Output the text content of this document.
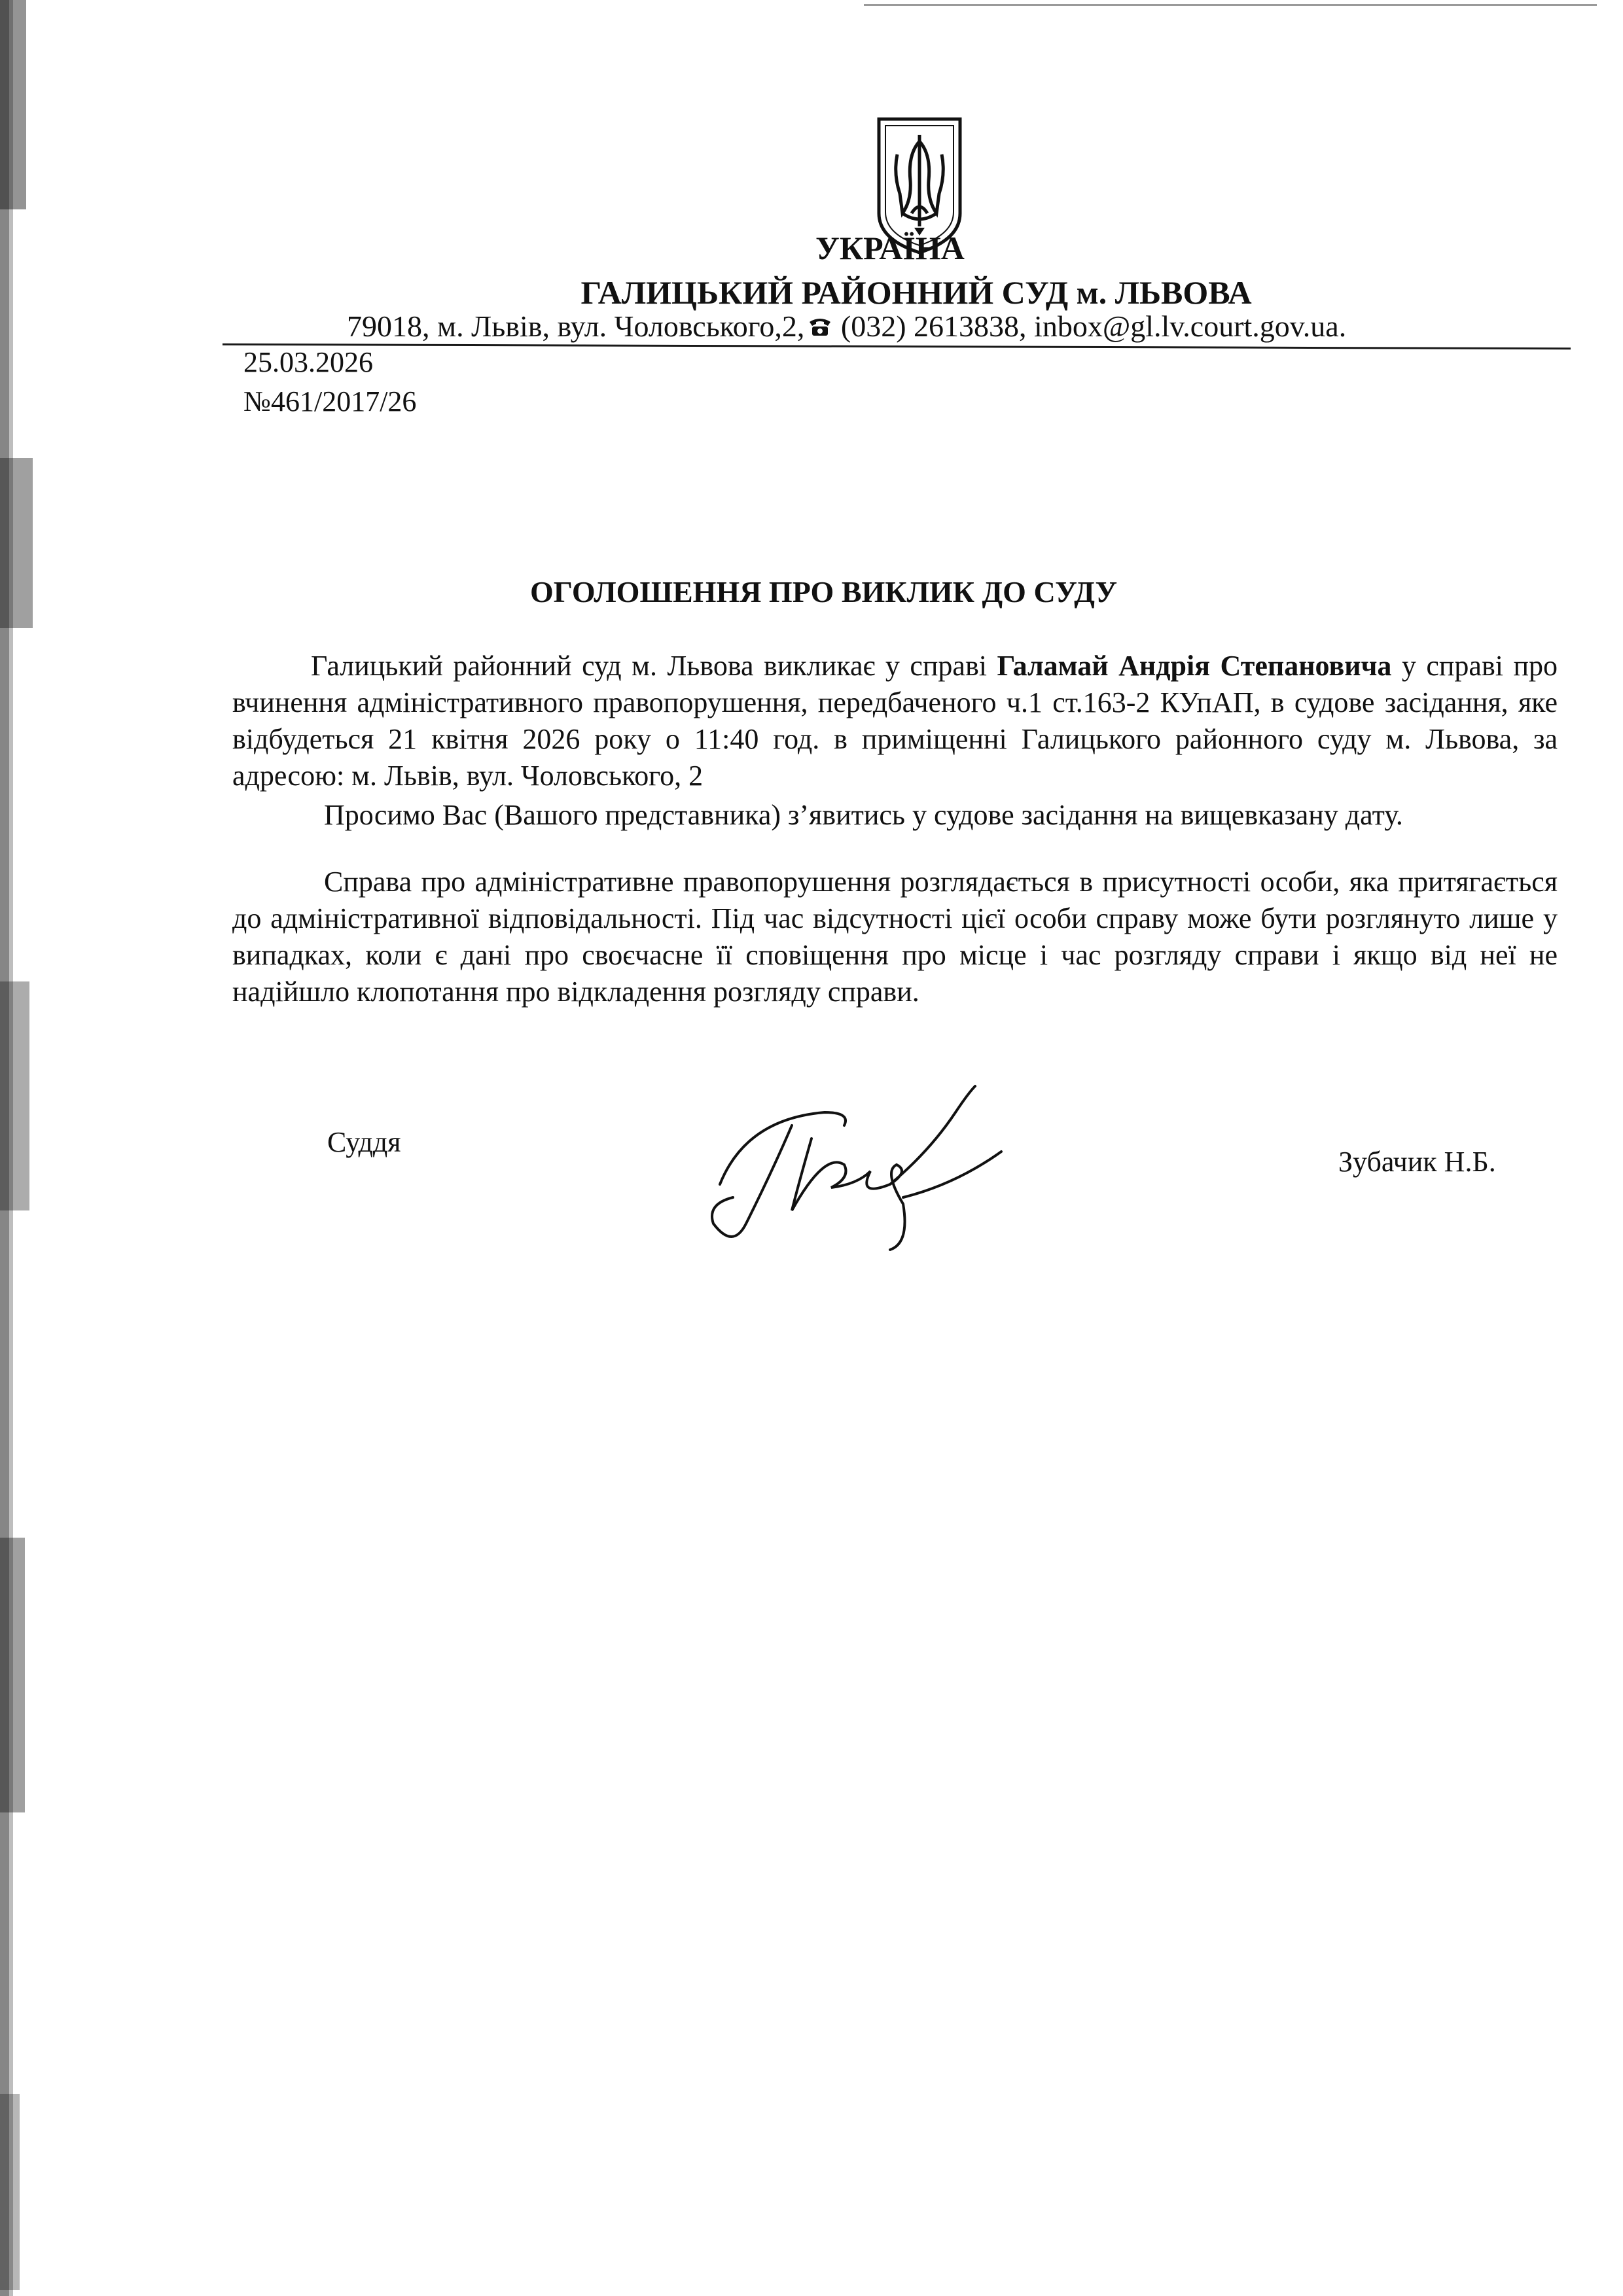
УКРАЇНА
ГАЛИЦЬКИЙ РАЙОННИЙ СУД м. ЛЬВОВА
79018, м. Львів, вул. Чоловського,2, (032) 2613838, inbox@gl.lv.court.gov.ua.
25.03.2026
№461/2017/26
ОГОЛОШЕННЯ ПРО ВИКЛИК ДО СУДУ
Галицький районний суд м. Львова викликає у справі Галамай Андрія Степановича у справі про вчинення адміністративного правопорушення, передбаченого ч.1 ст.163-2 КУпАП, в судове засідання, яке відбудеться 21 квітня 2026 року о 11:40 год. в приміщенні Галицького районного суду м. Львова, за адресою: м. Львів, вул. Чоловського, 2
Просимо Вас (Вашого представника) з’явитись у судове засідання на вищевказану дату.
Справа про адміністративне правопорушення розглядається в присутності особи, яка притягається до адміністративної відповідальності. Під час відсутності цієї особи справу може бути розглянуто лише у випадках, коли є дані про своєчасне її сповіщення про місце і час розгляду справи і якщо від неї не надійшло клопотання про відкладення розгляду справи.
Суддя
Зубачик Н.Б.
